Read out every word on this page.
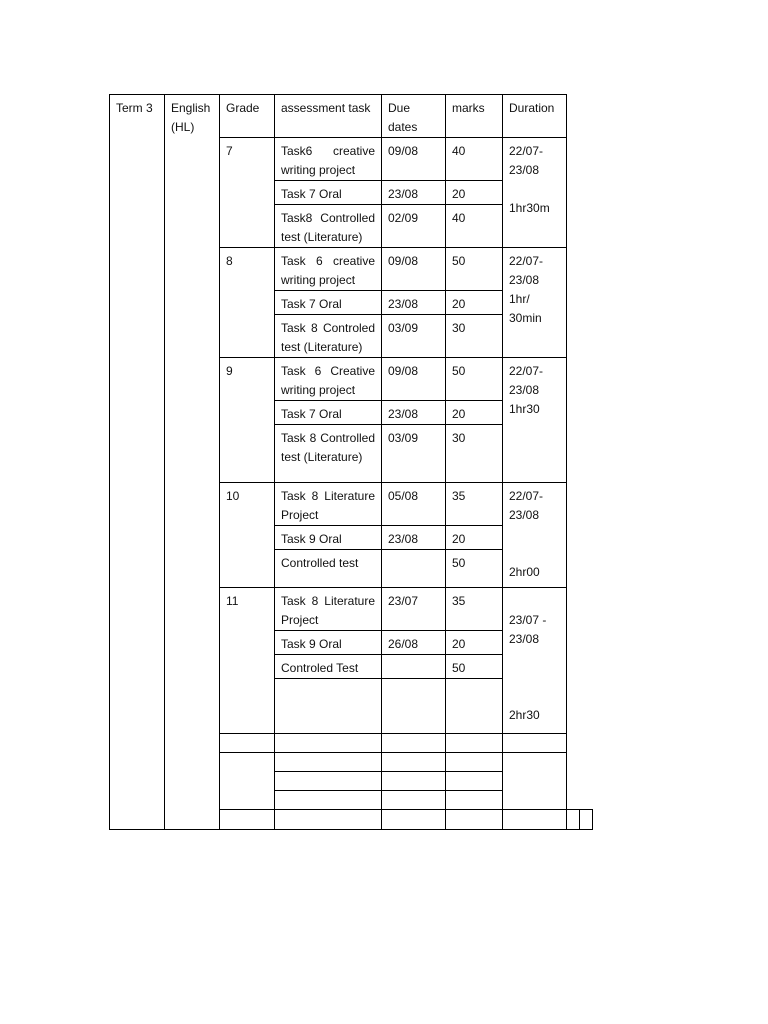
Term 3	English (HL)	Grade	assessment task	Due dates	marks	Duration		
		7	Task6 creative writing project	09/08	40	22/07-
23/08

1hr30m		
			Task 7 Oral	23/08	20			
			Task8 Controlled test (Literature)	02/09	40			
		8	Task 6 creative writing project	09/08	50	22/07-
23/08
1hr/
30min		
			Task 7 Oral	23/08	20			
			Task 8 Controled test (Literature)	03/09	30			
		9	Task 6 Creative writing project	09/08	50	22/07-
23/08
1hr30		
			Task 7 Oral	23/08	20			
			Task 8 Controlled test (Literature)	03/09	30			
		10	Task 8 Literature Project	05/08	35	22/07-
23/08

2hr00		
			Task 9 Oral	23/08	20			
			Controlled test		50			
		11	Task 8 Literature Project	23/07	35	
23/07 -
23/08

2hr30		
			Task 9 Oral	26/08	20			
			Controled Test		50			
